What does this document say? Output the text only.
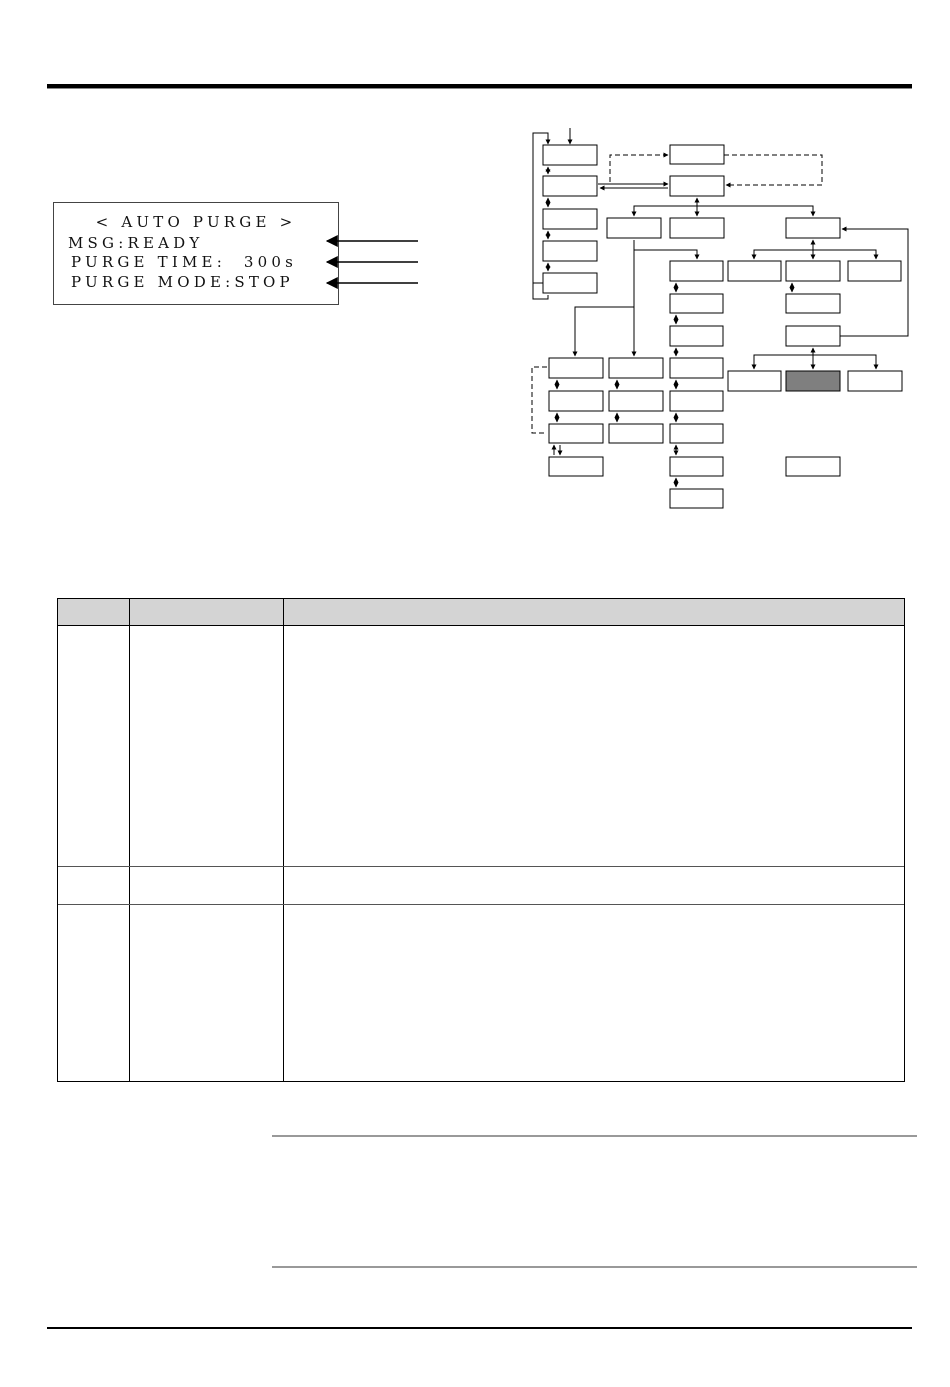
< AUTO PURGE >
MSG:READY
PURGE TIME:  300s
PURGE MODE:STOP
